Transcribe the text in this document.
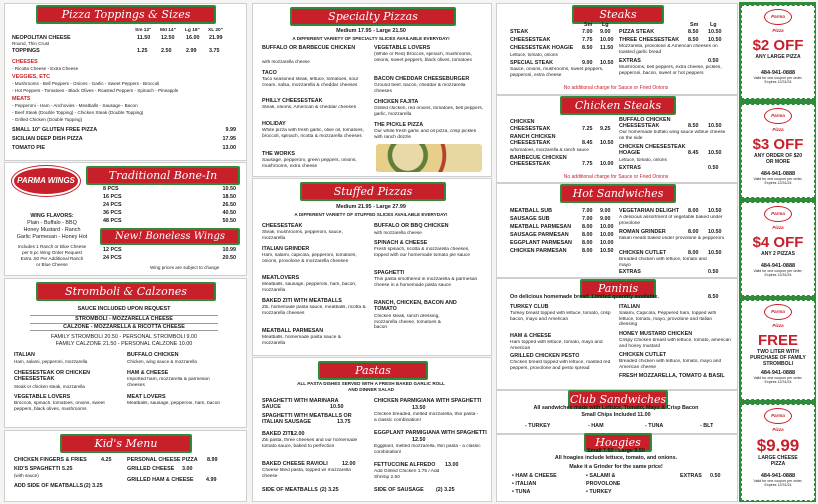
Pizza Toppings & Sizes
Sm 12" Md 14" Lg 16" XL 20"
NEOPOLITAN CHEESE	11.50 12.50 16.00 21.99
Round, Thin Crust
TOPPINGS	1.25	2.50	2.99 3.75
CHEESES
- Ricotta Cheese - Extra Cheese
VEGGIES, ETC
- Mushrooms - Bell Peppers - Onions - Garlic - Sweet Peppers - Broccoli
- Hot Peppers - Tomatoes - Black Olives - Roasted Peppers - Spinach - Pineapple
MEATS
- Pepperoni - Ham - Anchovies - Meatballs - Sausage - Bacon
- Beef Steak (Double Topping) - Chicken Steak (Double Topping)
- Grilled Chicken (Double Topping)
SMALL 10" GLUTEN FREE PIZZA	9.99
SICILIAN DEEP DISH PIZZA	17.95
TOMATO PIE	13.00
PARMA WINGS	Traditional Bone-In
8 PCS	10.50
16 PCS	18.50
24 PCS	26.50
36 PCS	40.50
48 PCS	50.50
WING FLAVORS:
Plain - Buffalo - BBQ
Honey Mustard - Ranch
Garlic Parmesan - Honey Hot
Includes 1 Ranch or Blue Cheese
per 8 pc Wing Order Request
Extra .50 Per Additional Ranch
or Blue Cheese
New! Boneless Wings
12 PCS	10.99
24 PCS	20.50
Wing prices are subject to change
Stromboli & Calzones
SAUCE INCLUDED UPON REQUEST
STROMBOLI - MOZZARELLA CHEESE
CALZONE - MOZZARELLA & RICOTTA CHEESE
FAMILY STROMBOLI 20.50 - PERSONAL STROMBOLI 9.00
FAMILY CALZONE 21.50 - PERSONAL CALZONE 10.00
ITALIAN
Ham, salami, pepperoni, mozzarella
CHEESESTEAK OR CHICKEN CHEESESTEAK
Steak or chicken steak, mozzarella
VEGETABLE LOVERS
Broccoli, spinach, tomatoes, onions, sweet peppers, black olives, mushrooms
BUFFALO CHICKEN
Chicken, wing sauce & mozzarella
HAM & CHEESE
Imported ham, mozzarella & parmesan cheeses
MEAT LOVERS
Meatballs, sausage, pepperoni, ham, bacon
Kid's Menu
CHICKEN FINGERS & FRIES	4.25
KID'S SPAGHETTI 5.25
(with sauce)
ADD SIDE OF MEATBALLS (2) 3.25
PERSONAL CHEESE PIZZA 8.99
GRILLED CHEESE 3.00
GRILLED HAM & CHEESE 4.99
Specialty Pizzas
Medium 17.95 - Large 21.50
A DIFFERENT VARIETY OF SPECIALTY SLICES AVAILABLE EVERYDAY!
BUFFALO OR BARBECUE CHICKEN
with mozzarella cheese
TACO
Taco seasoned steak, lettuce, tomatoes, sour cream, salsa, mozzarella & cheddar cheeses
PHILLY CHEESESTEAK
Steak, onions, American & cheddar cheeses
HOLIDAY
White pizza with fresh garlic, olive oil, tomatoes, broccoli, spinach, ricotta & mozzarella cheeses
THE WORKS
Sausage, pepperoni, green peppers, onions, mushrooms, extra cheese
VEGETABLE LOVERS
(White or Red) Broccoli, spinach, mushrooms, onions, sweet peppers, black olives, tomatoes
BACON CHEDDAR CHEESEBURGER
Ground beef, bacon, cheddar & mozzarella cheeses
CHICKEN FAJITA
Grilled chicken, red onions, tomatoes, bell peppers, garlic, mozzarella
THE PICKLE PIZZA
Our white fresh garlic and oil pizza, crisp pickles with ranch drizzle
Stuffed Pizzas
Medium 21.95 - Large 27.99
A DIFFERENT VARIETY OF STUFFED SLICES AVAILABLE EVERYDAY!
CHEESESTEAK
Steak, mushrooms, pepperoni, sauce, mozzarella
ITALIAN GRINDER
Ham, salami, capicola, pepperoni, tomatoes, onions, provolone & mozzarella cheeses
MEATLOVERS
Meatballs, sausage, pepperoni, ham, bacon, mozzarella
BAKED ZITI WITH MEATBALLS
Ziti, homemade pasta sauce, meatballs, ricotta & mozzarella cheeses
MEATBALL PARMESAN
Meatballs, homemade pasta sauce & mozzarella
BUFFALO OR BBQ CHICKEN
with mozzarella cheese
SPINACH & CHEESE
Fresh spinach, ricotta & mozzarella cheeses, topped with our homemade tomato pie sauce
SPAGHETTI
Thin pasta smothered in mozzarella & parmesan cheese in a homemade pasta sauce
RANCH, CHICKEN, BACON AND TOMATO
Chicken steak, ranch dressing, mozzarella cheese, tomatoes & bacon
Pastas
ALL PASTA DISHES SERVED WITH A FRESH BAKED GARLIC ROLL
AND DINNER SALAD
SPAGHETTI WITH MARINARA SAUCE	10.50
SPAGHETTI WITH MEATBALLS OR ITALIAN SAUSAGE	13.75
BAKED ZITI
12.00
Ziti pasta, three cheeses and our homemade tomato sauce, baked to perfection
BAKED CHEESE RAVIOLI	12.00
Cheese filled pasta, topped w/ mozzarella cheese
SIDE OF MEATBALLS (2) 3.25
CHICKEN PARMIGIANA WITH SPAGHETTI
13.50
Chicken breaded, melted mozzarella, thin pasta - a classic combination!
EGGPLANT PARMIGIANA WITH SPAGHETTI
12.50
Eggplant, melted mozzarella, thin pasta - a classic combination!
FETTUCCINE ALFREDO 13.00
Add Grilled Chicken 1.75 / Add Shrimp 2.50
SIDE OF SAUSAGE (2) 3.25
Steaks
Sm Lg	Sm Lg
STEAK	7.00 9.00
CHEESESTEAK	7.75 10.00
CHEESESTEAK HOAGIE 8.50 11.50
Lettuce, tomato, onions
SPECIAL STEAK	9.00 10.50
Sauce, onions, mushrooms, sweet peppers, pepperoni, extra cheese
PIZZA STEAK	8.50 10.50
THREE CHEESESTEAK 8.50 10.50
Mozzarella, provolone & American cheeses on toasted garlic bread
EXTRAS	0.50
Mushrooms, bell peppers, extra cheese, pickles, pepperoni, bacon, sweet or hot peppers
No additional charge for Sauce or Fried Onions
Chicken Steaks
CHICKEN
CHEESESTEAK	7.25 9.25
RANCH CHICKEN CHEESESTEAK	8.45 10.50
w/tomatoes, mozzarella & ranch sauce
BARBECUE CHICKEN CHEESESTEAK	7.75 10.00
BUFFALO CHICKEN CHEESESTEAK	8.50 10.50
Our homemade buffalo wing sauce w/blue cheese on the side
CHICKEN CHEESESTEAK HOAGIE	8.45 10.50
Lettuce, tomato, onions
EXTRAS	0.50
No additional charge for Sauce or Fried Onions
Hot Sandwiches
MEATBALL SUB	7.00 9.00
SAUSAGE SUB	7.00 9.00
MEATBALL PARMESAN 8.00 10.00
SAUSAGE PARMESAN 8.00 10.00
EGGPLANT PARMESAN 8.00 10.00
CHICKEN PARMESAN	8.00 10.50
VEGETARIAN DELIGHT 8.00 10.50
A delicious assortment of vegetable baked under provolone
ROMAN GRINDER	8.00 10.50
Italian meats baked under provolone & pepperoni
CHICKEN CUTLET	8.00 10.50
Breaded chicken with lettuce, tomato and mayo
EXTRAS	0.50
Paninis
On delicious homemade bread. Limited quantity available.	8.50
TURKEY CLUB
Turkey breast topped with lettuce, tomato, crisp bacon, mayo and American
HAM & CHEESE
Ham topped with lettuce, tomato, mayo and American
GRILLED CHICKEN PESTO
Chicken breast topped with lettuce, roasted red peppers, provolone and pesto spread
ITALIAN
Salami, Capicola, Peppered ham, topped with lettuce, tomato, mayo, provolone and Italian dressing
HONEY MUSTARD CHICKEN
Crispy Chicken breast with lettuce, tomato, american and honey mustard
CHICKEN CUTLET
Breaded chicken with lettuce, tomato, mayo and American cheese
FRESH MOZZARELLA, TOMATO & BASIL
Club Sandwiches
All sandwiches made with Lettuce, Tomato, Mayo & Crisp Bacon
Small Chips Included 11.00
- TURKEY	- HAM	- TUNA	- BLT
Hoagies
Small 7.50 - Large 9.50
All hoagies include lettuce, tomato, and onions.
Make it a Grinder for the same price!
• HAM & CHEESE
• ITALIAN
• TUNA
• SALAMI &
PROVOLONE
• TURKEY
EXTRAS 0.50
Parma Pizza
$2 OFF
ANY LARGE PIZZA
484-941-0888
Valid for one coupon per order, Expires 12/31/24
Parma Pizza
$3 OFF
ANY ORDER OF $20 OR MORE
484-941-0888
Valid for one coupon per order, Expires 12/31/24
Parma Pizza
$4 OFF
ANY 2 PIZZAS
484-941-0888
Valid for one coupon per order, Expires 12/31/24
Parma Pizza
FREE
TWO LITER WITH PURCHASE OF FAMILY STROMBOLI
484-941-0888
Valid for one coupon per order, Expires 12/31/24
Parma Pizza
$9.99
LARGE CHEESE PIZZA
484-941-0888
Valid for one coupon per order, Expires 12/31/24
